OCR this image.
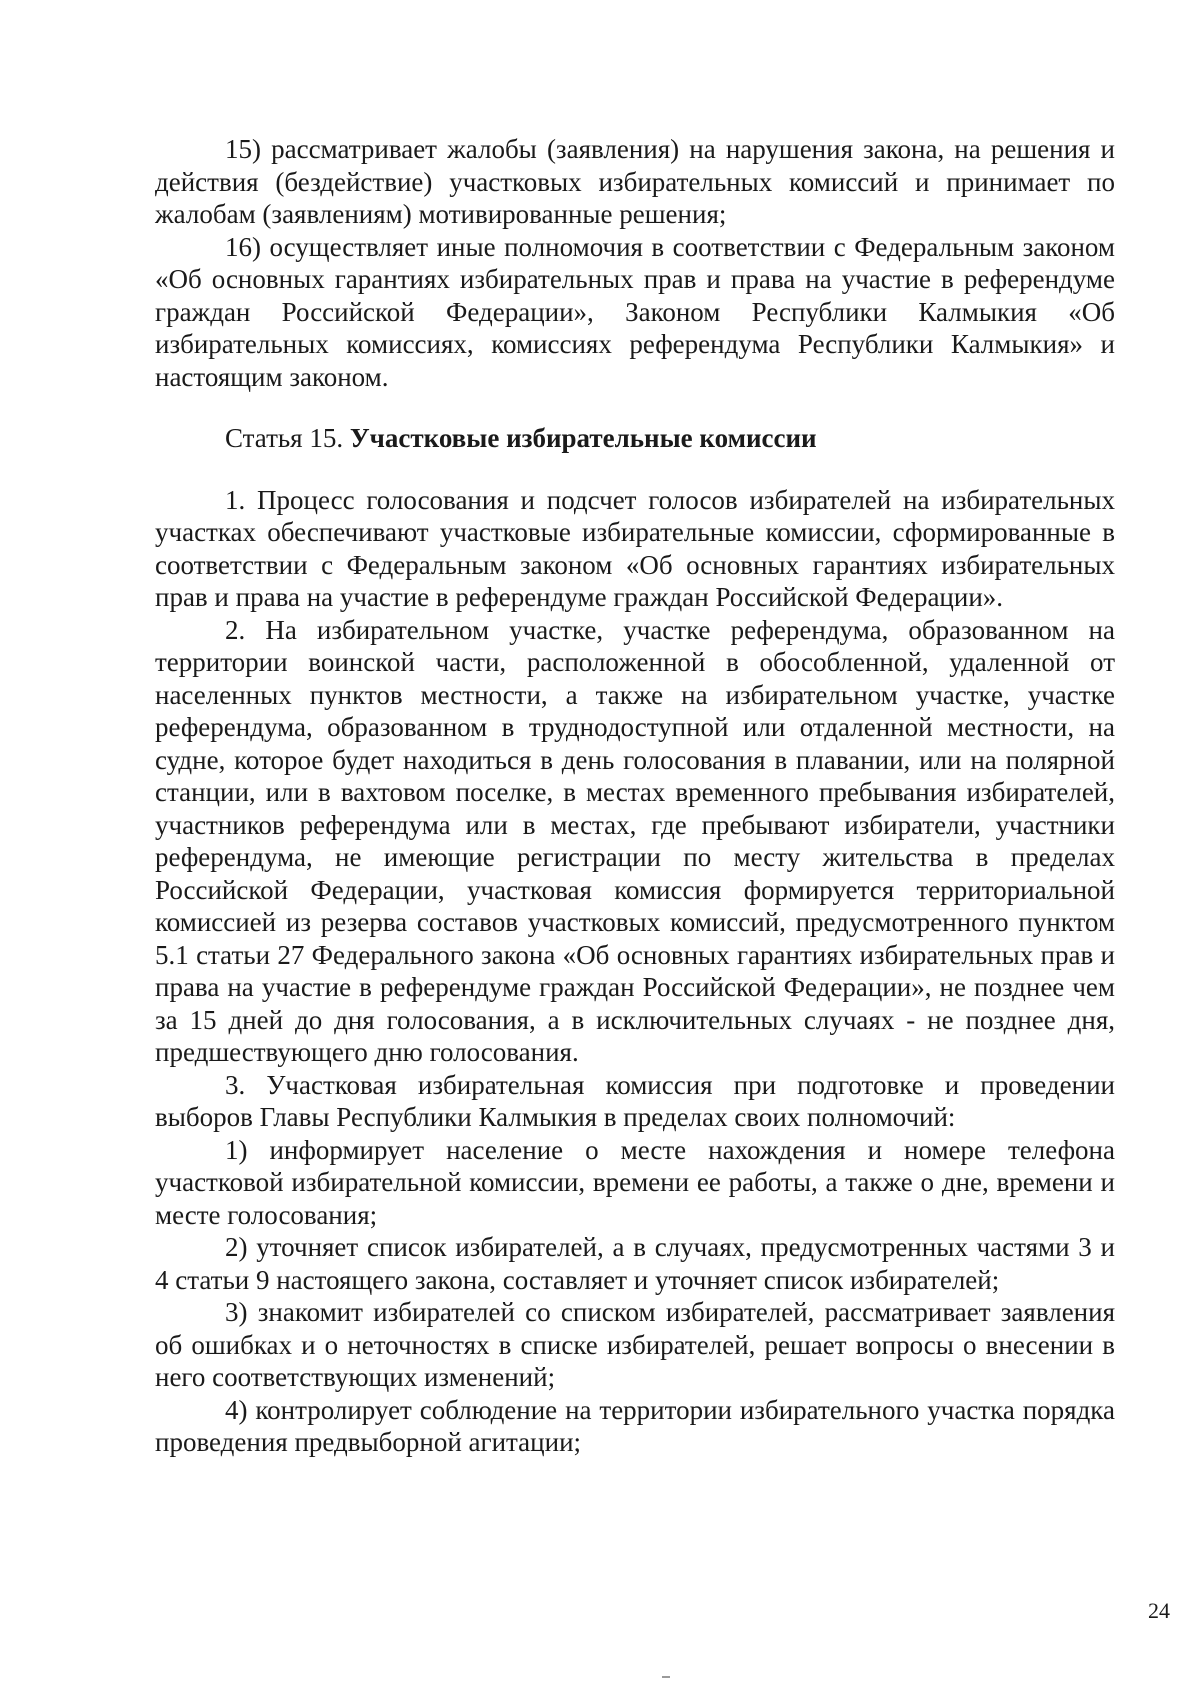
15) рассматривает жалобы (заявления) на нарушения закона, на решения и действия (бездействие) участковых избирательных комиссий и принимает по жалобам (заявлениям) мотивированные решения;

16) осуществляет иные полномочия в соответствии с Федеральным законом «Об основных гарантиях избирательных прав и права на участие в референдуме граждан Российской Федерации», Законом Республики Калмыкия «Об избирательных комиссиях, комиссиях референдума Республики Калмыкия» и настоящим законом.

Статья 15. Участковые избирательные комиссии

1. Процесс голосования и подсчет голосов избирателей на избирательных участках обеспечивают участковые избирательные комиссии, сформированные в соответствии с Федеральным законом «Об основных гарантиях избирательных прав и права на участие в референдуме граждан Российской Федерации».

2. На избирательном участке, участке референдума, образованном на территории воинской части, расположенной в обособленной, удаленной от населенных пунктов местности, а также на избирательном участке, участке референдума, образованном в труднодоступной или отдаленной местности, на судне, которое будет находиться в день голосования в плавании, или на полярной станции, или в вахтовом поселке, в местах временного пребывания избирателей, участников референдума или в местах, где пребывают избиратели, участники референдума, не имеющие регистрации по месту жительства в пределах Российской Федерации, участковая комиссия формируется территориальной комиссией из резерва составов участковых комиссий, предусмотренного пунктом 5.1 статьи 27 Федерального закона «Об основных гарантиях избирательных прав и права на участие в референдуме граждан Российской Федерации», не позднее чем за 15 дней до дня голосования, а в исключительных случаях - не позднее дня, предшествующего дню голосования.

3. Участковая избирательная комиссия при подготовке и проведении выборов Главы Республики Калмыкия в пределах своих полномочий:

1) информирует население о месте нахождения и номере телефона участковой избирательной комиссии, времени ее работы, а также о дне, времени и месте голосования;

2) уточняет список избирателей, а в случаях, предусмотренных частями 3 и 4 статьи 9 настоящего закона, составляет и уточняет список избирателей;

3) знакомит избирателей со списком избирателей, рассматривает заявления об ошибках и о неточностях в списке избирателей, решает вопросы о внесении в него соответствующих изменений;

4) контролирует соблюдение на территории избирательного участка порядка проведения предвыборной агитации;

24
